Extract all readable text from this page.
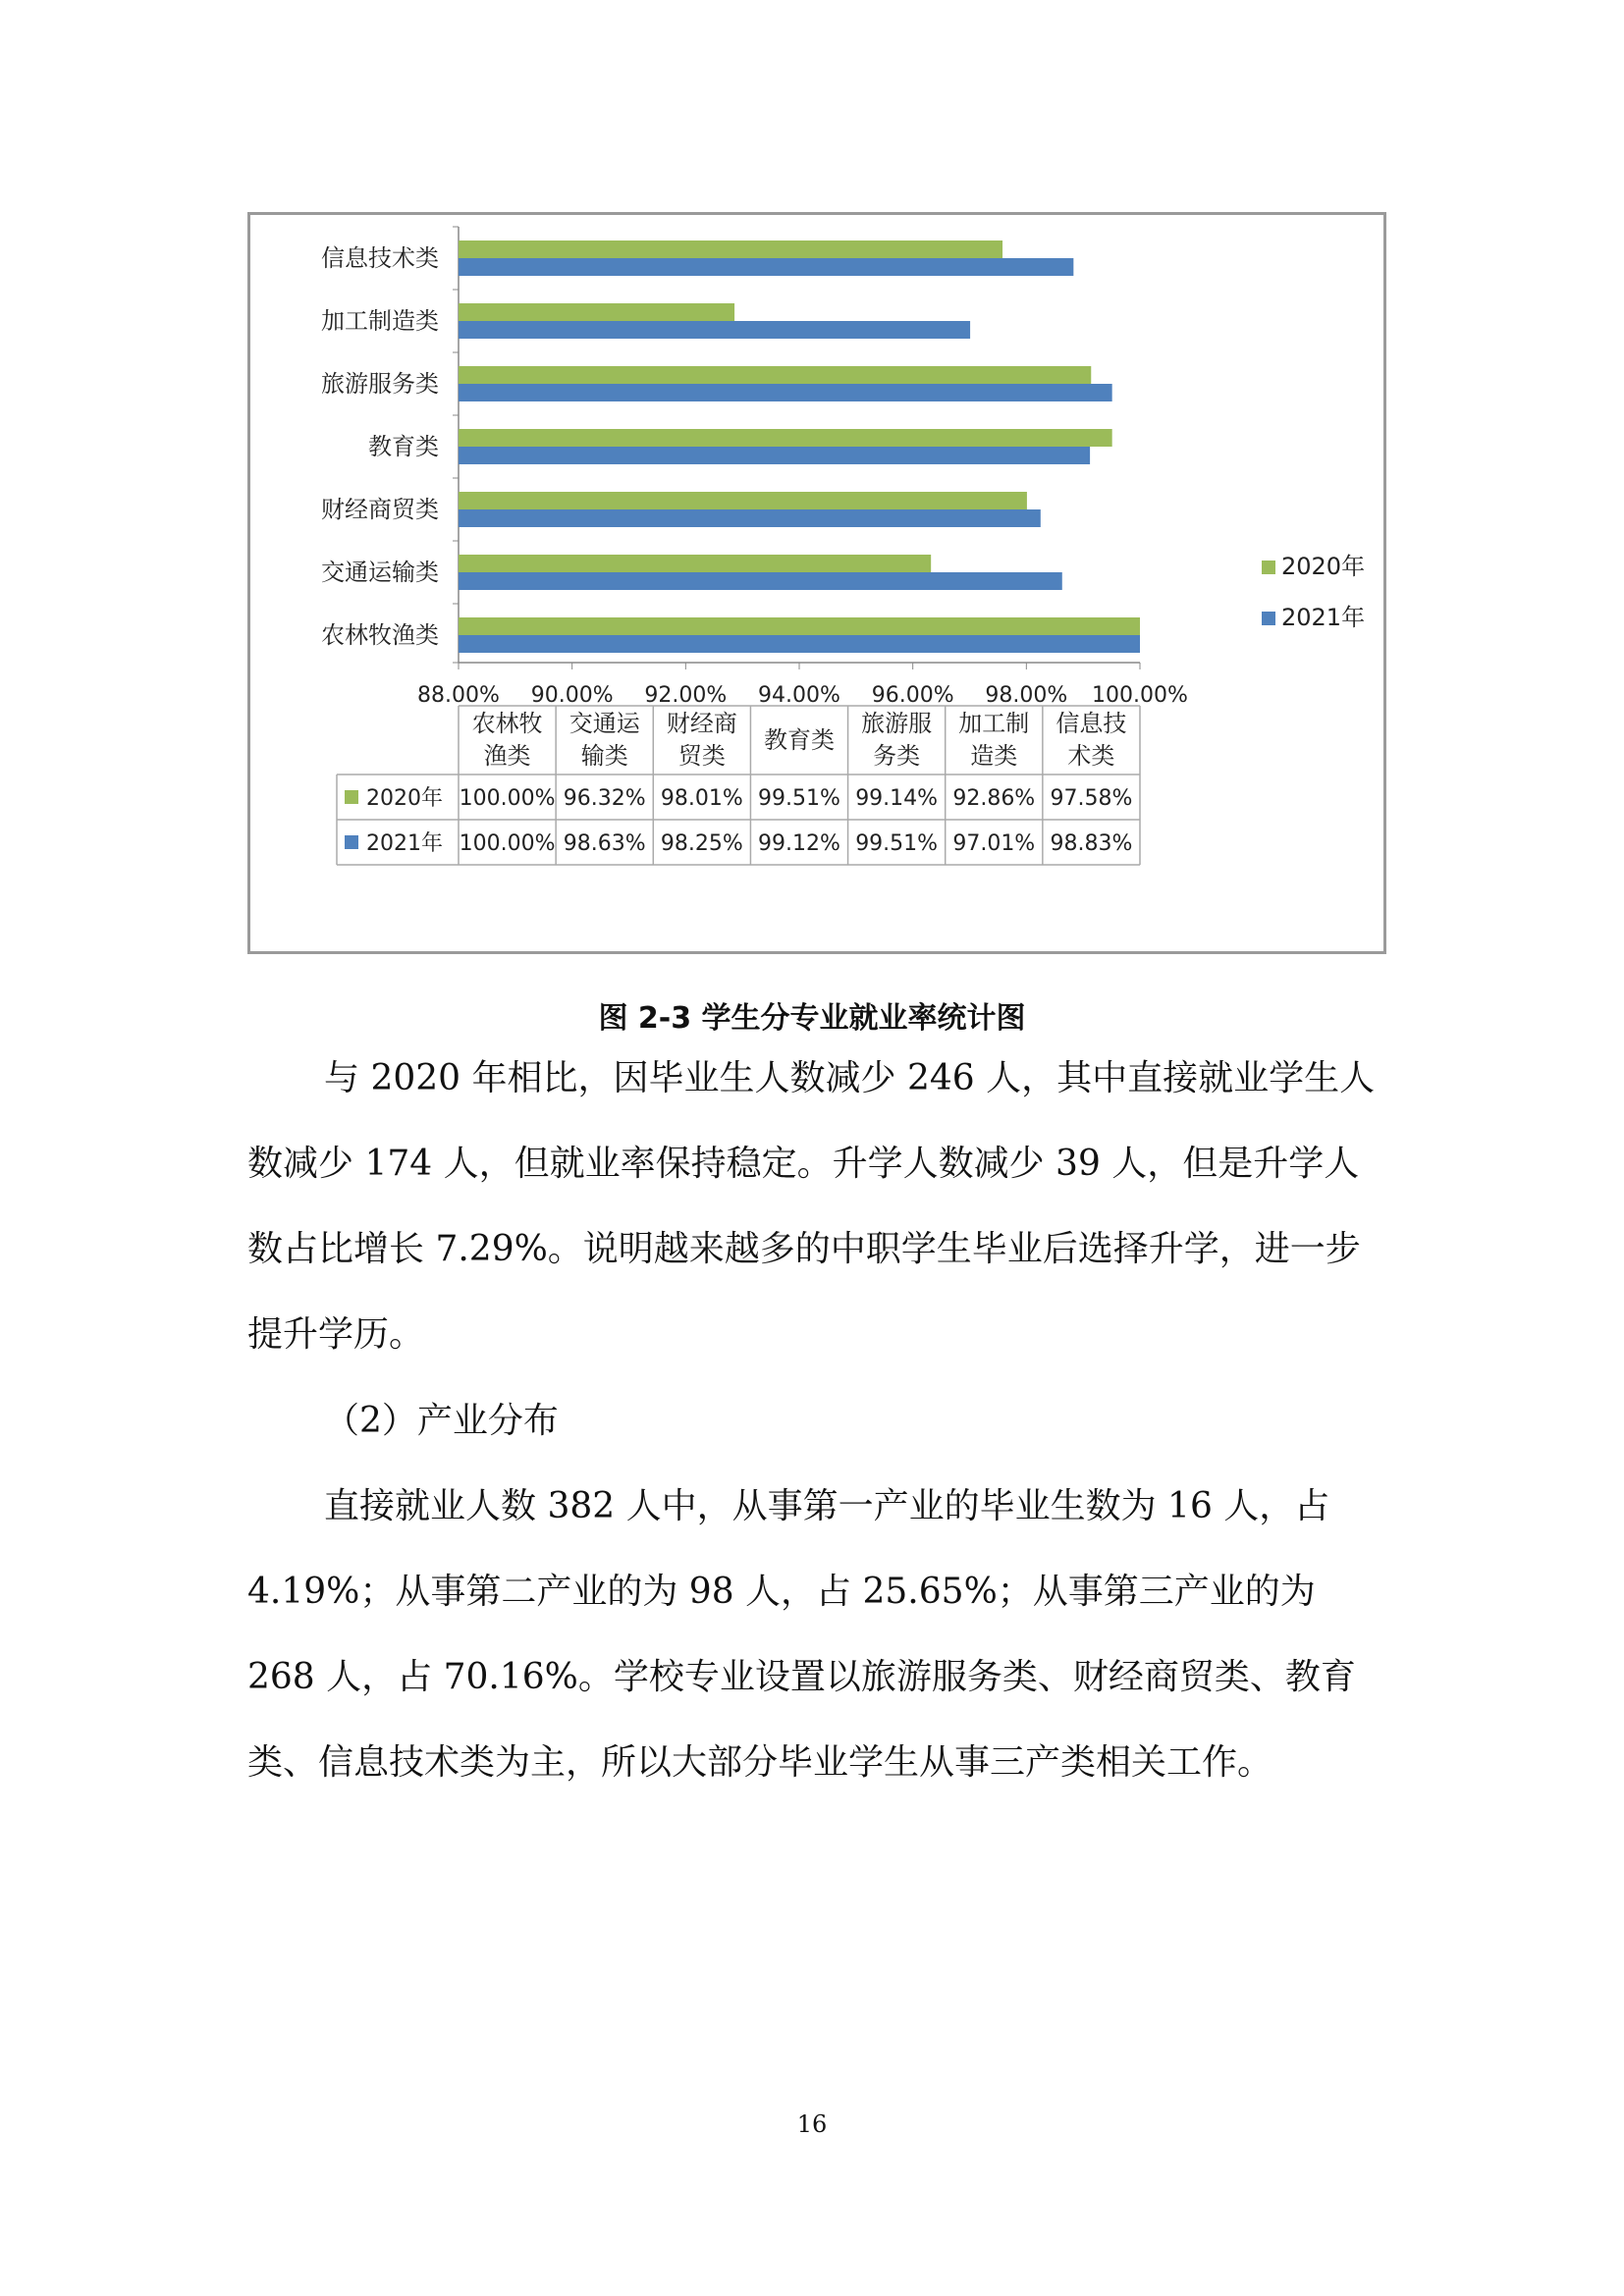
信息技术类
加工制造类
旅游服务类
教育类
财经商贸类
交通运输类
农林牧渔类
88.00% 90.00% 92.00% 94.00% 96.00% 98.00% 100.00%
2020年
2021年
农林牧
渔类
交通运
输类
财经商
贸类
教育类
旅游服
务类
加工制
造类
信息技
术类
2020年 100.00% 96.32% 98.01% 99.51% 99.14% 92.86% 97.58%
2021年 100.00% 98.63% 98.25% 99.12% 99.51% 97.01% 98.83%
图 2-3 学生分专业就业率统计图

与 2020 年相比，因毕业生人数减少 246 人，其中直接就业学生人数减少 174 人，但就业率保持稳定。升学人数减少 39 人，但是升学人数占比增长 7.29%。说明越来越多的中职学生毕业后选择升学，进一步提升学历。

（2）产业分布

直接就业人数 382 人中，从事第一产业的毕业生数为 16 人，占 4.19%；从事第二产业的为 98 人，占 25.65%；从事第三产业的为 268 人，占 70.16%。学校专业设置以旅游服务类、财经商贸类、教育类、信息技术类为主，所以大部分毕业学生从事三产类相关工作。

16
